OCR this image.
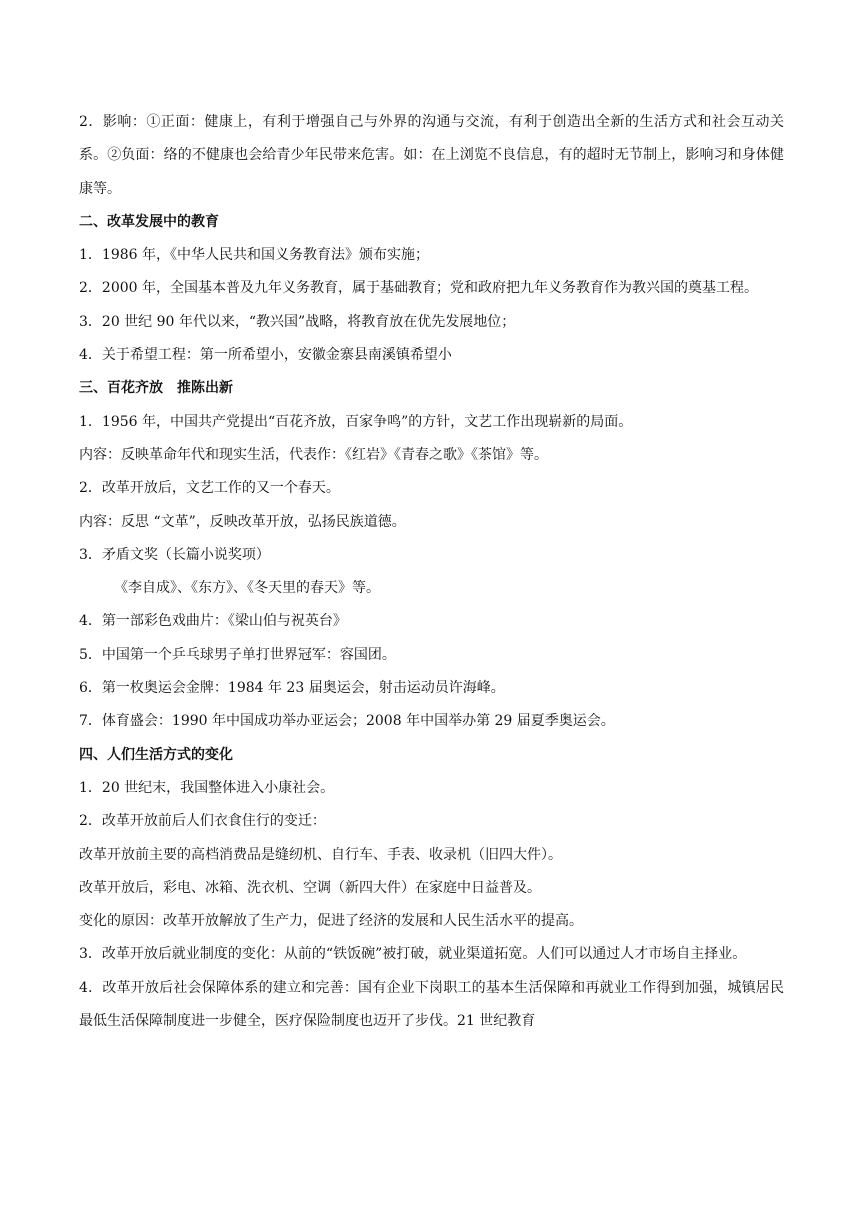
2．影响：①正面：健康上，有利于增强自己与外界的沟通与交流，有利于创造出全新的生活方式和社会互动关系。②负面：络的不健康也会给青少年民带来危害。如：在上浏览不良信息，有的超时无节制上，影响习和身体健康等。

二、改革发展中的教育

1．1986 年，《中华人民共和国义务教育法》颁布实施；

2．2000 年，全国基本普及九年义务教育，属于基础教育；党和政府把九年义务教育作为教兴国的奠基工程。

3．20 世纪 90 年代以来，“教兴国”战略，将教育放在优先发展地位；

4．关于希望工程：第一所希望小，安徽金寨县南溪镇希望小

三、百花齐放　推陈出新

1．1956 年，中国共产党提出“百花齐放，百家争鸣”的方针，文艺工作出现崭新的局面。

内容：反映革命年代和现实生活，代表作：《红岩》《青春之歌》《茶馆》等。

2．改革开放后，文艺工作的又一个春天。

内容：反思 “文革”，反映改革开放，弘扬民族道德。

3．矛盾文奖（长篇小说奖项）

《李自成》、《东方》、《冬天里的春天》等。

4．第一部彩色戏曲片：《梁山伯与祝英台》

5．中国第一个乒乓球男子单打世界冠军：容国团。

6．第一枚奥运会金牌：1984 年 23 届奥运会，射击运动员许海峰。

7．体育盛会：1990 年中国成功举办亚运会；2008 年中国举办第 29 届夏季奥运会。

四、人们生活方式的变化

1．20 世纪末，我国整体进入小康社会。

2．改革开放前后人们衣食住行的变迁：

改革开放前主要的高档消费品是缝纫机、自行车、手表、收录机（旧四大件）。

改革开放后，彩电、冰箱、洗衣机、空调（新四大件）在家庭中日益普及。

变化的原因：改革开放解放了生产力，促进了经济的发展和人民生活水平的提高。

3．改革开放后就业制度的变化：从前的“铁饭碗”被打破，就业渠道拓宽。人们可以通过人才市场自主择业。

4．改革开放后社会保障体系的建立和完善：国有企业下岗职工的基本生活保障和再就业工作得到加强，城镇居民最低生活保障制度进一步健全，医疗保险制度也迈开了步伐。21 世纪教育
